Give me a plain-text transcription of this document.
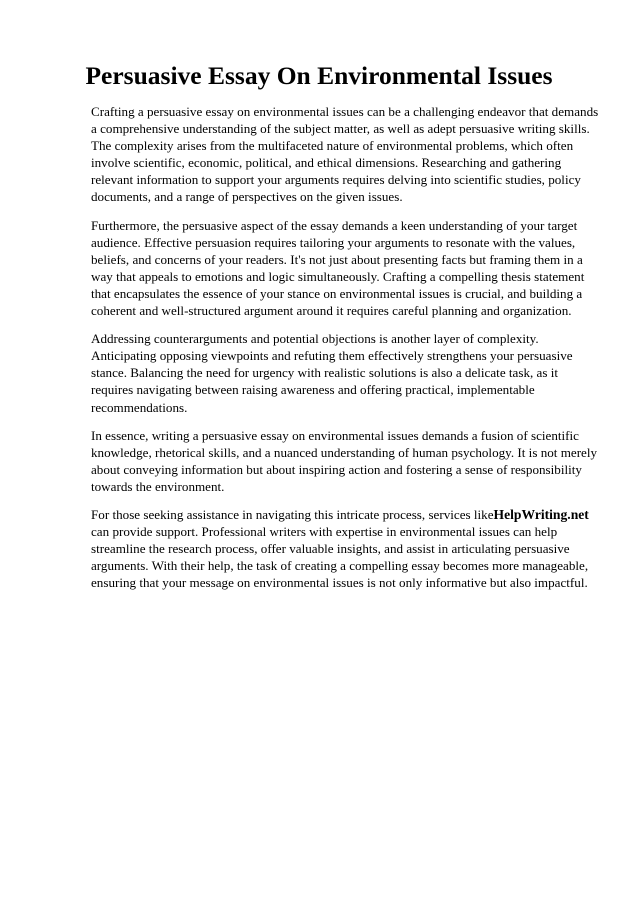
Persuasive Essay On Environmental Issues

Crafting a persuasive essay on environmental issues can be a challenging endeavor that demands
a comprehensive understanding of the subject matter, as well as adept persuasive writing skills.
The complexity arises from the multifaceted nature of environmental problems, which often
involve scientific, economic, political, and ethical dimensions. Researching and gathering
relevant information to support your arguments requires delving into scientific studies, policy
documents, and a range of perspectives on the given issues.

Furthermore, the persuasive aspect of the essay demands a keen understanding of your target
audience. Effective persuasion requires tailoring your arguments to resonate with the values,
beliefs, and concerns of your readers. It's not just about presenting facts but framing them in a
way that appeals to emotions and logic simultaneously. Crafting a compelling thesis statement
that encapsulates the essence of your stance on environmental issues is crucial, and building a
coherent and well-structured argument around it requires careful planning and organization.

Addressing counterarguments and potential objections is another layer of complexity.
Anticipating opposing viewpoints and refuting them effectively strengthens your persuasive
stance. Balancing the need for urgency with realistic solutions is also a delicate task, as it
requires navigating between raising awareness and offering practical, implementable
recommendations.

In essence, writing a persuasive essay on environmental issues demands a fusion of scientific
knowledge, rhetorical skills, and a nuanced understanding of human psychology. It is not merely
about conveying information but about inspiring action and fostering a sense of responsibility
towards the environment.

For those seeking assistance in navigating this intricate process, services likeHelpWriting.net
can provide support. Professional writers with expertise in environmental issues can help
streamline the research process, offer valuable insights, and assist in articulating persuasive
arguments. With their help, the task of creating a compelling essay becomes more manageable,
ensuring that your message on environmental issues is not only informative but also impactful.
